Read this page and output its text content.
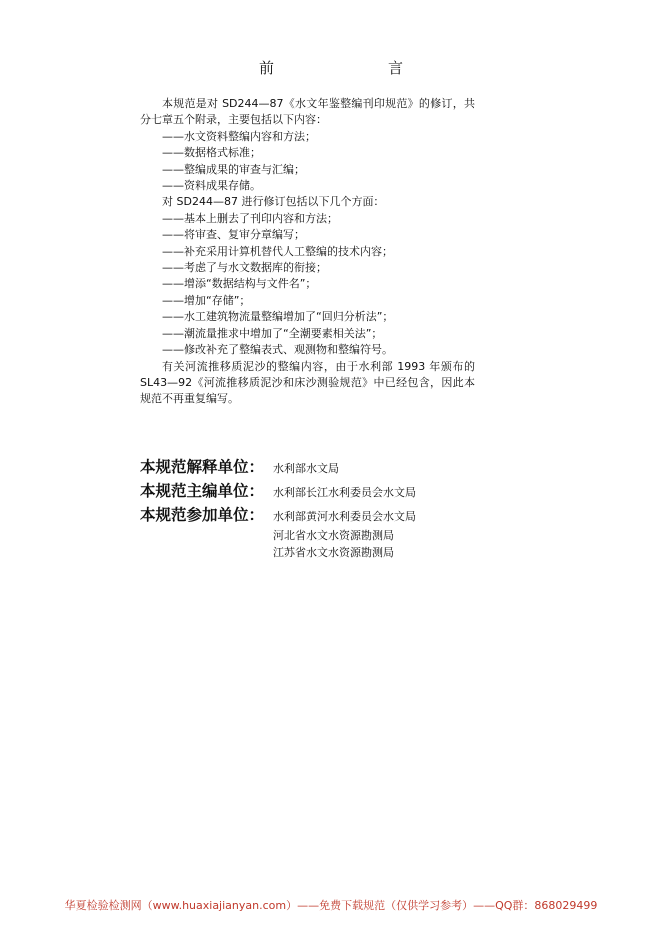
前　　言

本规范是对 SD244—87《水文年鉴整编刊印规范》的修订，共分七章五个附录，主要包括以下内容：

——水文资料整编内容和方法；

——数据格式标准；

——整编成果的审查与汇编；

——资料成果存储。

对 SD244—87 进行修订包括以下几个方面：

——基本上删去了刊印内容和方法；

——将审查、复审分章编写；

——补充采用计算机替代人工整编的技术内容；

——考虑了与水文数据库的衔接；

——增添“数据结构与文件名”；

——增加“存储”；

——水工建筑物流量整编增加了“回归分析法”；

——潮流量推求中增加了“全潮要素相关法”；

——修改补充了整编表式、观测物和整编符号。

有关河流推移质泥沙的整编内容，由于水利部 1993 年颁布的 SL43—92《河流推移质泥沙和床沙测验规范》中已经包含，因此本规范不再重复编写。

本规范解释单位： 水利部水文局
本规范主编单位： 水利部长江水利委员会水文局
本规范参加单位： 水利部黄河水利委员会水文局
河北省水文水资源勘测局
江苏省水文水资源勘测局
华夏检验检测网（www.huaxiajianyan.com）——免费下载规范（仅供学习参考）——QQ群：868029499
